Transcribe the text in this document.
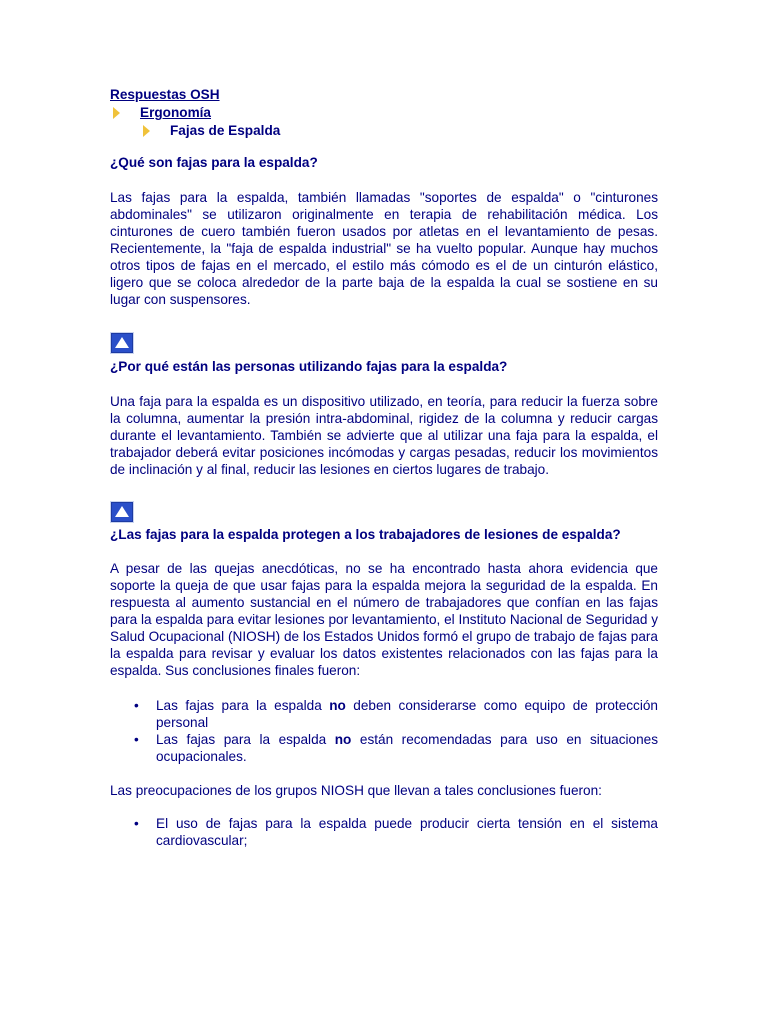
Respuestas OSH
Ergonomía
Fajas de Espalda
¿Qué son fajas para la espalda?

Las fajas para la espalda, también llamadas "soportes de espalda" o "cinturones abdominales" se utilizaron originalmente en terapia de rehabilitación médica. Los cinturones de cuero también fueron usados por atletas en el levantamiento de pesas. Recientemente, la "faja de espalda industrial" se ha vuelto popular. Aunque hay muchos otros tipos de fajas en el mercado, el estilo más cómodo es el de un cinturón elástico, ligero que se coloca alrededor de la parte baja de la espalda la cual se sostiene en su lugar con suspensores.

¿Por qué están las personas utilizando fajas para la espalda?

Una faja para la espalda es un dispositivo utilizado, en teoría, para reducir la fuerza sobre la columna, aumentar la presión intra-abdominal, rigidez de la columna y reducir cargas durante el levantamiento. También se advierte que al utilizar una faja para la espalda, el trabajador deberá evitar posiciones incómodas y cargas pesadas, reducir los movimientos de inclinación y al final, reducir las lesiones en ciertos lugares de trabajo.

¿Las fajas para la espalda protegen a los trabajadores de lesiones de espalda?

A pesar de las quejas anecdóticas, no se ha encontrado hasta ahora evidencia que soporte la queja de que usar fajas para la espalda mejora la seguridad de la espalda. En respuesta al aumento sustancial en el número de trabajadores que confían en las fajas para la espalda para evitar lesiones por levantamiento, el Instituto Nacional de Seguridad y Salud Ocupacional (NIOSH) de los Estados Unidos formó el grupo de trabajo de fajas para la espalda para revisar y evaluar los datos existentes relacionados con las fajas para la espalda. Sus conclusiones finales fueron:

• Las fajas para la espalda no deben considerarse como equipo de protección personal
• Las fajas para la espalda no están recomendadas para uso en situaciones ocupacionales.

Las preocupaciones de los grupos NIOSH que llevan a tales conclusiones fueron:

• El uso de fajas para la espalda puede producir cierta tensión en el sistema cardiovascular;
